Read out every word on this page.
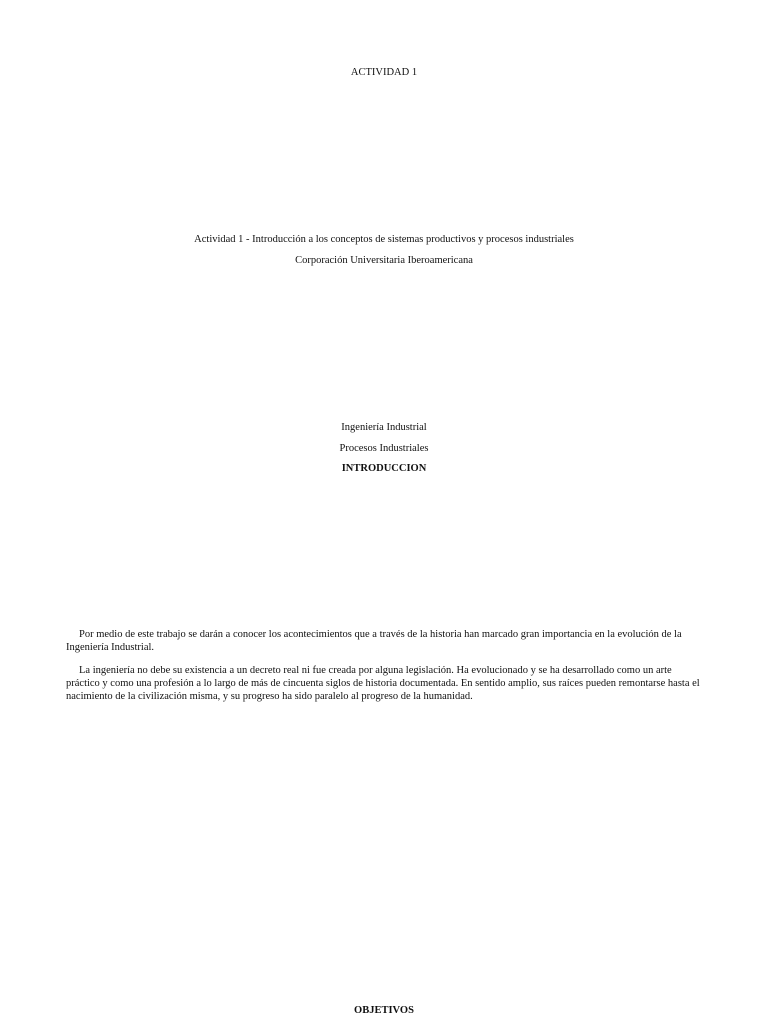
ACTIVIDAD 1
Actividad 1 - Introducción a los conceptos de sistemas productivos y procesos industriales
Corporación Universitaria Iberoamericana
Ingeniería Industrial
Procesos Industriales
INTRODUCCION

Por medio de este trabajo se darán a conocer los acontecimientos que a través de la historia han marcado gran importancia en la evolución de la Ingeniería Industrial.

La ingeniería no debe su existencia a un decreto real ni fue creada por alguna legislación. Ha evolucionado y se ha desarrollado como un arte práctico y como una profesión a lo largo de más de cincuenta siglos de historia documentada. En sentido amplio, sus raíces pueden remontarse hasta el nacimiento de la civilización misma, y su progreso ha sido paralelo al progreso de la humanidad.

OBJETIVOS
